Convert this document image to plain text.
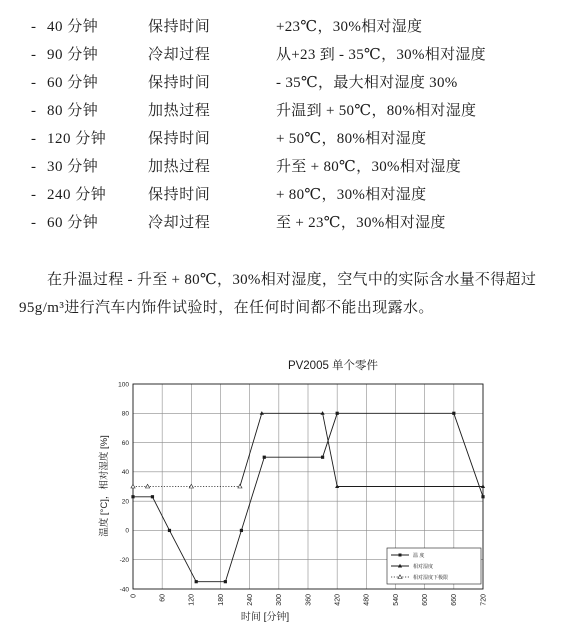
- 40 分钟	保持时间	+23℃，30%相对湿度
- 90 分钟	冷却过程	从+23 到 - 35℃，30%相对湿度
- 60 分钟	保持时间	- 35℃，最大相对湿度 30%
- 80 分钟	加热过程	升温到 + 50℃，80%相对湿度
- 120 分钟	保持时间	+ 50℃，80%相对湿度
- 30 分钟	加热过程	升至 + 80℃，30%相对湿度
- 240 分钟	保持时间	+ 80℃，30%相对湿度
- 60 分钟	冷却过程	至 + 23℃，30%相对湿度
在升温过程 - 升至 + 80℃，30%相对湿度，空气中的实际含水量不得超过
95g/m³进行汽车内饰件试验时，在任何时间都不能出现露水。
PV2005 单个零件
温度 [°C]，相对湿度 [%]
时间 [分钟]
100
80
60
40
20
0
-20
-40
0	60	120	180	240	300	360	420	480	540	600	660	720
温 度
相对湿度
相对湿度下极限
